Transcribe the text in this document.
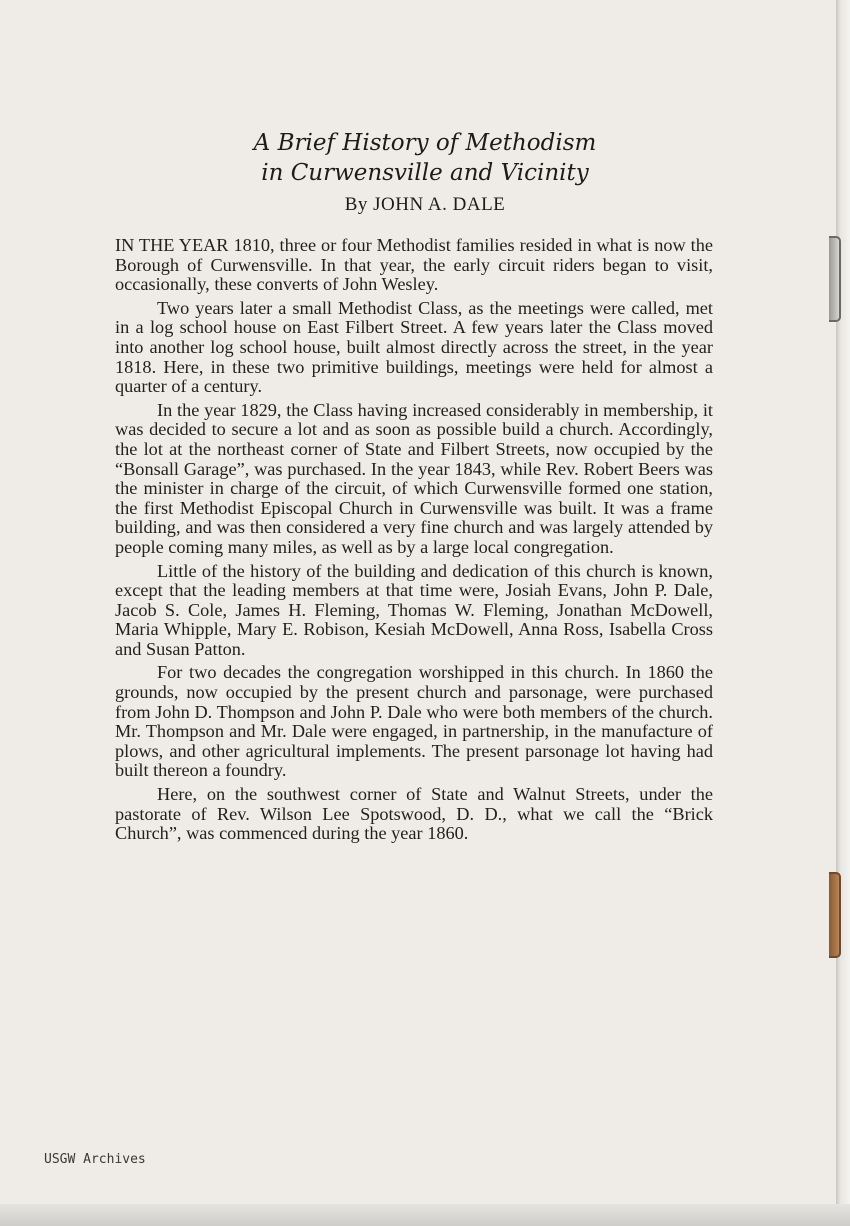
A Brief History of Methodism
in Curwensville and Vicinity
By JOHN A. DALE

IN THE YEAR 1810, three or four Methodist families resided in what is now the Borough of Curwensville. In that year, the early circuit riders began to visit, occasionally, these converts of John Wesley.

Two years later a small Methodist Class, as the meetings were called, met in a log school house on East Filbert Street. A few years later the Class moved into another log school house, built almost directly across the street, in the year 1818. Here, in these two primitive buildings, meetings were held for almost a quarter of a century.

In the year 1829, the Class having increased considerably in membership, it was decided to secure a lot and as soon as possible build a church. Accordingly, the lot at the northeast corner of State and Filbert Streets, now occupied by the “Bonsall Garage”, was purchased. In the year 1843, while Rev. Robert Beers was the minister in charge of the circuit, of which Curwensville formed one station, the first Methodist Episcopal Church in Curwensville was built. It was a frame building, and was then considered a very fine church and was largely attended by people coming many miles, as well as by a large local congregation.

Little of the history of the building and dedication of this church is known, except that the leading members at that time were, Josiah Evans, John P. Dale, Jacob S. Cole, James H. Fleming, Thomas W. Fleming, Jonathan McDowell, Maria Whipple, Mary E. Robison, Kesiah McDowell, Anna Ross, Isabella Cross and Susan Patton.

For two decades the congregation worshipped in this church. In 1860 the grounds, now occupied by the present church and parsonage, were purchased from John D. Thompson and John P. Dale who were both members of the church. Mr. Thompson and Mr. Dale were engaged, in partnership, in the manufacture of plows, and other agricultural implements. The present parsonage lot having had built thereon a foundry.

Here, on the southwest corner of State and Walnut Streets, under the pastorate of Rev. Wilson Lee Spotswood, D. D., what we call the “Brick Church”, was commenced during the year 1860.

USGW Archives
